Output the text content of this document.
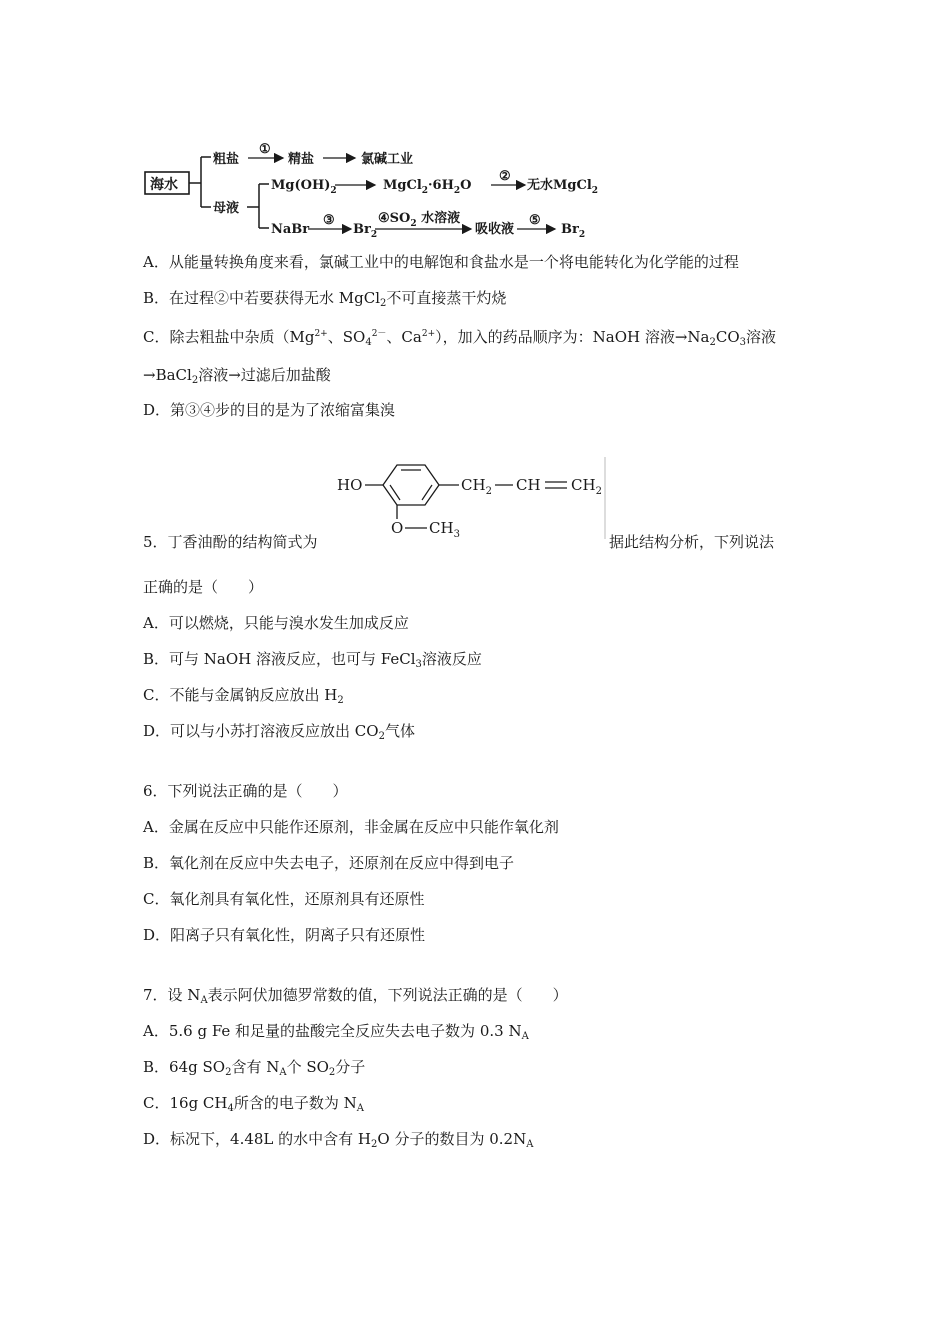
海水
粗盐
①
精盐	氯碱工业
母液
$Mg(OH)_2$	$MgCl_2\cdot 6H_2O$
②
无水MgCl$_2$
NaBr
③
$Br_2$
$④SO_2$ 水溶液
吸收液
⑤
$Br_2$
A．从能量转换角度来看，氯碱工业中的电解饱和食盐水是一个将电能转化为化学能的过程
B．在过程②中若要获得无水 MgCl$_2$不可直接蒸干灼烧
C．除去粗盐中杂质（$Mg^{2+}$、$SO_4^{2-}$、$Ca^{2+}$），加入的药品顺序为：NaOH 溶液$\to Na_2CO_3$溶液
→BaCl$_2$溶液→过滤后加盐酸
D．第③④步的目的是为了浓缩富集溴
HO	$CH_2$ CH $CH_2$
O $CH_3$
5．丁香油酚的结构简式为	据此结构分析，下列说法
正确的是（　　）
A．可以燃烧，只能与溴水发生加成反应
B．可与 NaOH 溶液反应，也可与 FeCl$_3$溶液反应
C．不能与金属钠反应放出 $H_2$
D．可以与小苏打溶液反应放出 $CO_2$气体
6．下列说法正确的是（　　）
A．金属在反应中只能作还原剂，非金属在反应中只能作氧化剂
B．氧化剂在反应中失去电子，还原剂在反应中得到电子
C．氧化剂具有氧化性，还原剂具有还原性
D．阳离子只有氧化性，阴离子只有还原性
7．设 $N_A$表示阿伏加德罗常数的值，下列说法正确的是（　　）
A．5.6 g Fe 和足量的盐酸完全反应失去电子数为 0.3 $N_A$
B．64g $SO_2$含有 $N_A$个 $SO_2$分子
C．16g $CH_4$所含的电子数为 $N_A$
D．标况下，4.48L 的水中含有 $H_2O$ 分子的数目为 $0.2N_A$
